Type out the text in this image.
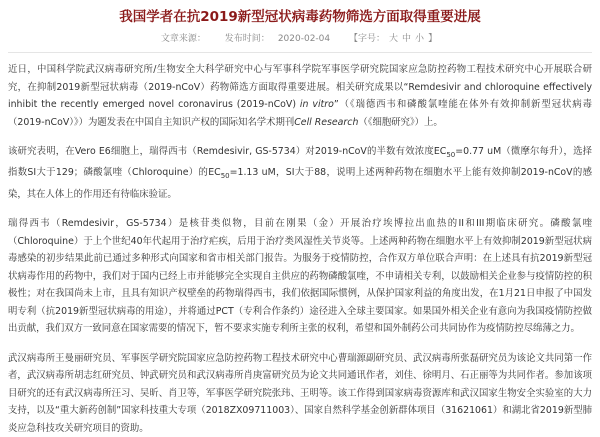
我国学者在抗2019新型冠状病毒药物筛选方面取得重要进展
文章来源： 发布时间： 2020-02-04 【字号： 大 中 小 】

近日，中国科学院武汉病毒研究所/生物安全大科学研究中心与军事科学院军事医学研究院国家应急防控药物工程技术研究中心开展联合研究，在抑制2019新型冠状病毒（2019-nCoV）药物筛选方面取得重要进展。相关研究成果以“Remdesivir and chloroquine effectively inhibit the recently emerged novel coronavirus (2019-nCoV) in vitro”（《瑞德西韦和磷酸氯喹能在体外有效抑制新型冠状病毒（2019-nCoV）》）为题发表在中国自主知识产权的国际知名学术期刊Cell Research（《细胞研究》）上。

该研究表明，在Vero E6细胞上，瑞得西韦（Remdesivir, GS-5734）对2019-nCoV的半数有效浓度$EC_{50}=0.77$ uM（微摩尔每升），选择指数SI大于129；磷酸氯喹（Chloroquine）的$EC_{50}=1.13$ uM，SI大于88，说明上述两种药物在细胞水平上能有效抑制2019-nCoV的感染，其在人体上的作用还有待临床验证。

瑞得西韦（Remdesivir，GS-5734）是核苷类似物，目前在刚果（金）开展治疗埃博拉出血热的II和III期临床研究。磷酸氯喹（Chloroquine）于上个世纪40年代起用于治疗疟疾，后用于治疗类风湿性关节炎等。上述两种药物在细胞水平上有效抑制2019新型冠状病毒感染的初步结果此前已通过多种形式向国家和省市相关部门报告。为服务于疫情防控，合作双方单位联合声明：在上述具有抗2019新型冠状病毒作用的药物中，我们对于国内已经上市并能够完全实现自主供应的药物磷酸氯喹，不申请相关专利，以鼓励相关企业参与疫情防控的积极性；对在我国尚未上市，且具有知识产权壁垒的药物瑞得西韦，我们依据国际惯例，从保护国家利益的角度出发，在1月21日申报了中国发明专利（抗2019新型冠状病毒的用途），并将通过PCT（专利合作条约）途径进入全球主要国家。如果国外相关企业有意向为我国疫情防控做出贡献，我们双方一致同意在国家需要的情况下，暂不要求实施专利所主张的权利，希望和国外制药公司共同协作为疫情防控尽绵薄之力。

武汉病毒所王曼丽研究员、军事医学研究院国家应急防控药物工程技术研究中心曹瑞源副研究员、武汉病毒所张磊研究员为该论文共同第一作者，武汉病毒所胡志红研究员、钟武研究员和武汉病毒所肖庚富研究员为论文共同通讯作者，刘佳、徐明月、石正丽等为共同作者。参加该项目研究的还有武汉病毒所汪习、吴昕、肖卫等，军事医学研究院张玮、王明等。该工作得到国家病毒资源库和武汉国家生物安全实验室的大力支持，以及“重大新药创制”国家科技重大专项（2018ZX09711003）、国家自然科学基金创新群体项目（31621061）和湖北省2019新型肺炎应急科技攻关研究项目的资助。
